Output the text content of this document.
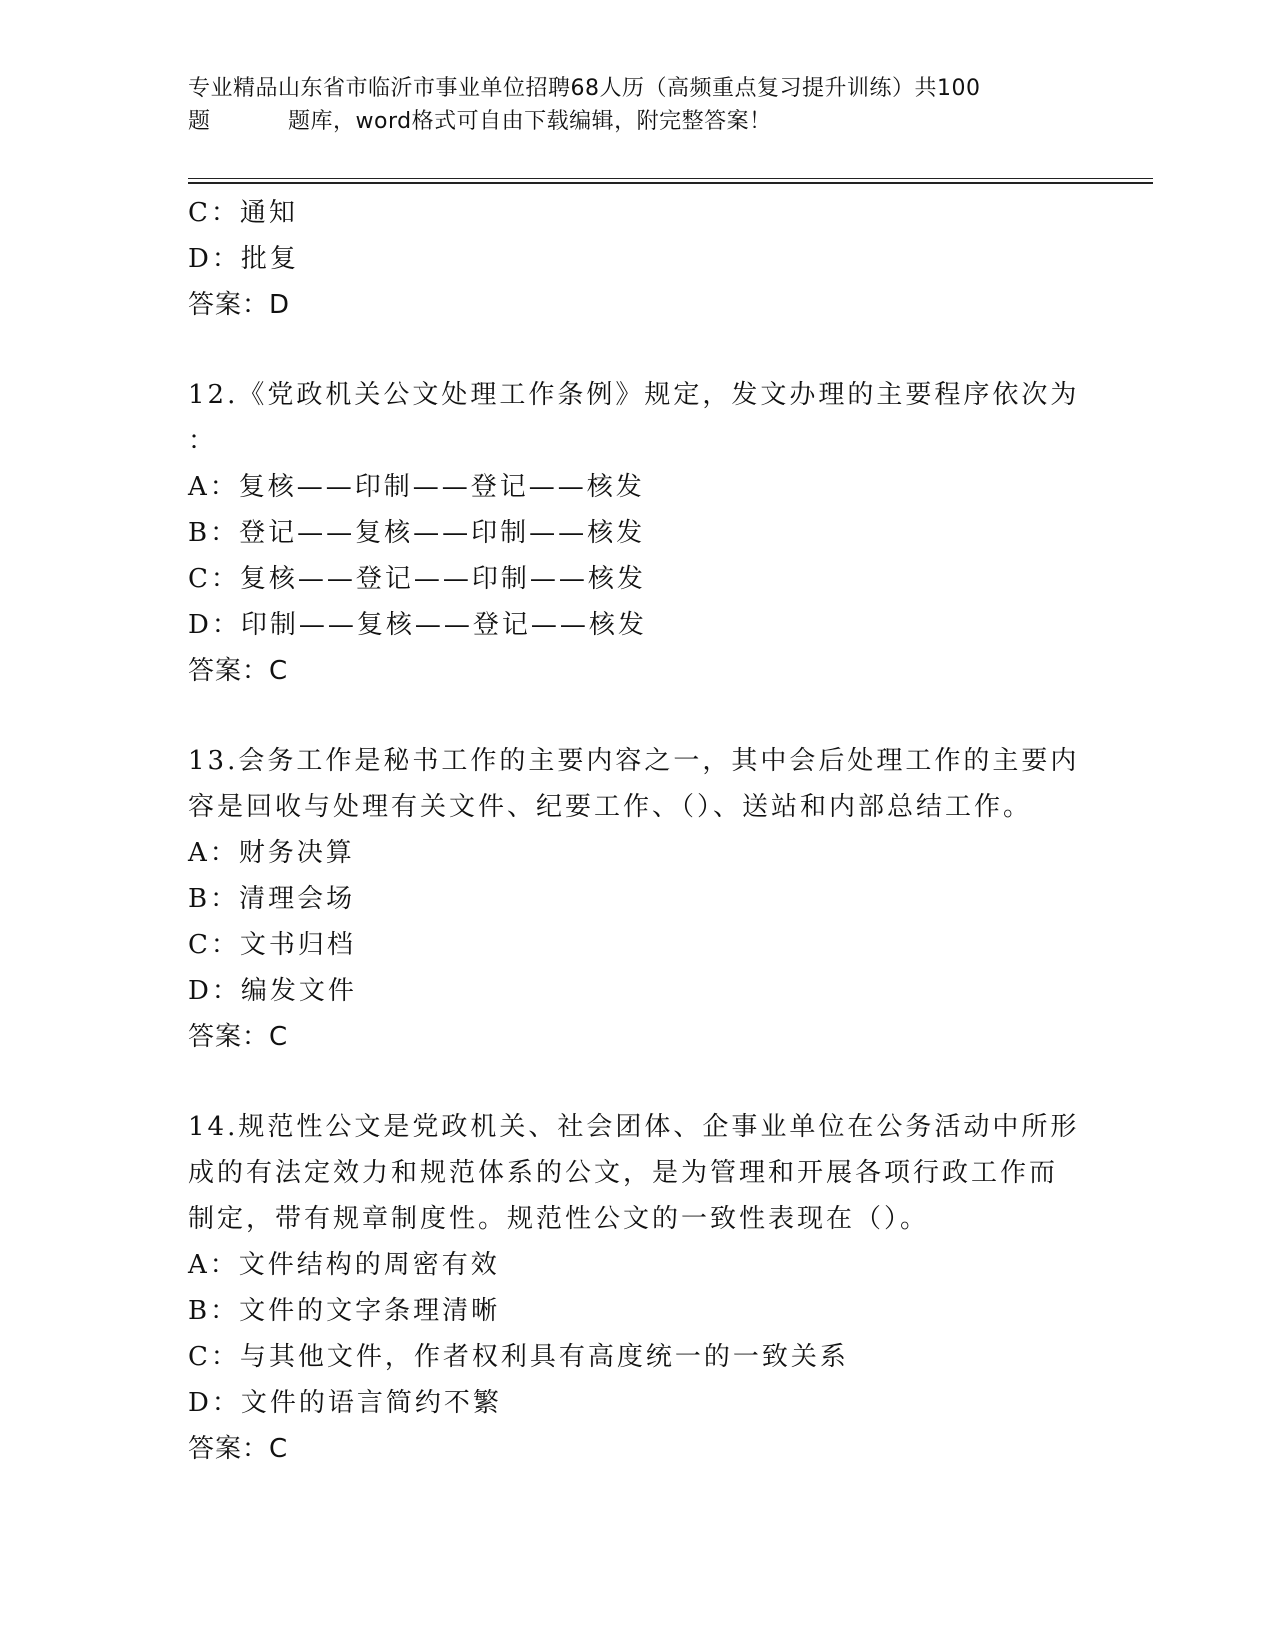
专业精品山东省市临沂市事业单位招聘68人历（高频重点复习提升训练）共100
题	题库，word格式可自由下载编辑，附完整答案！
C：通知
D：批复
答案：D
12.《党政机关公文处理工作条例》规定，发文办理的主要程序依次为
：
A：复核——印制——登记——核发
B：登记——复核——印制——核发
C：复核——登记——印制——核发
D：印制——复核——登记——核发
答案：C
13.会务工作是秘书工作的主要内容之一，其中会后处理工作的主要内
容是回收与处理有关文件、纪要工作、（）、送站和内部总结工作。
A：财务决算
B：清理会场
C：文书归档
D：编发文件
答案：C
14.规范性公文是党政机关、社会团体、企事业单位在公务活动中所形
成的有法定效力和规范体系的公文，是为管理和开展各项行政工作而
制定，带有规章制度性。规范性公文的一致性表现在（）。
A：文件结构的周密有效
B：文件的文字条理清晰
C：与其他文件，作者权利具有高度统一的一致关系
D：文件的语言简约不繁
答案：C
